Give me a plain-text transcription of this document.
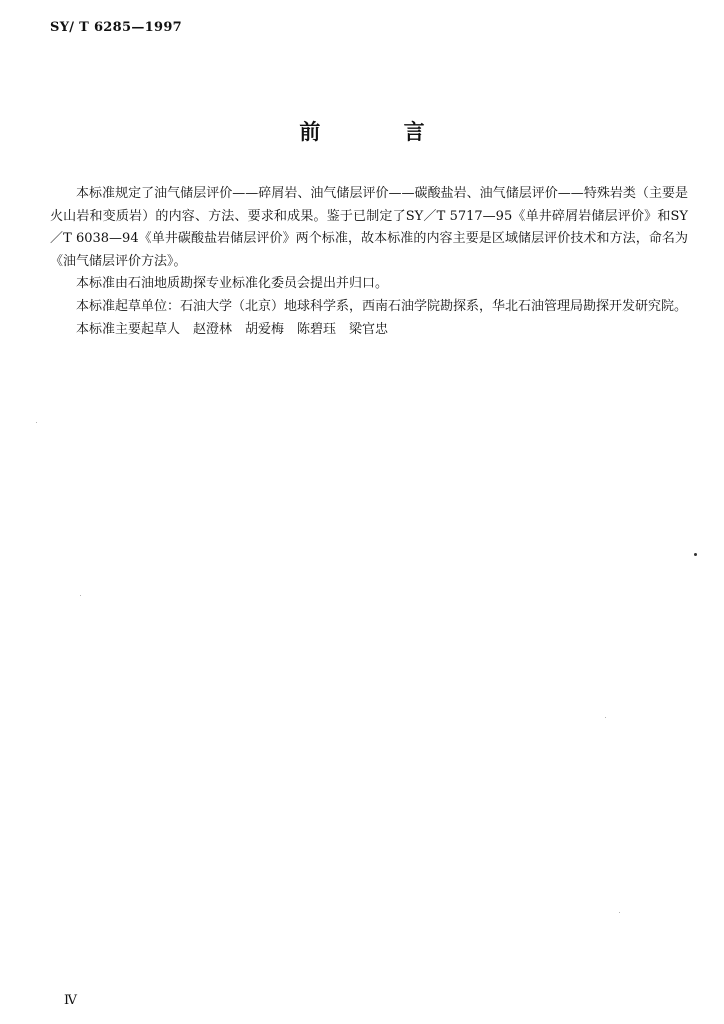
SY/ T 6285—1997
前 言

本标准规定了油气储层评价——碎屑岩、油气储层评价——碳酸盐岩、油气储层评价——特殊岩类（主要是火山岩和变质岩）的内容、方法、要求和成果。鉴于已制定了SY／T 5717—95《单井碎屑岩储层评价》和SY／T 6038—94《单井碳酸盐岩储层评价》两个标准，故本标准的内容主要是区域储层评价技术和方法，命名为《油气储层评价方法》。

本标准由石油地质勘探专业标准化委员会提出并归口。

本标准起草单位：石油大学（北京）地球科学系，西南石油学院勘探系，华北石油管理局勘探开发研究院。

本标准主要起草人　赵澄林　胡爱梅　陈碧珏　梁官忠

Ⅳ
